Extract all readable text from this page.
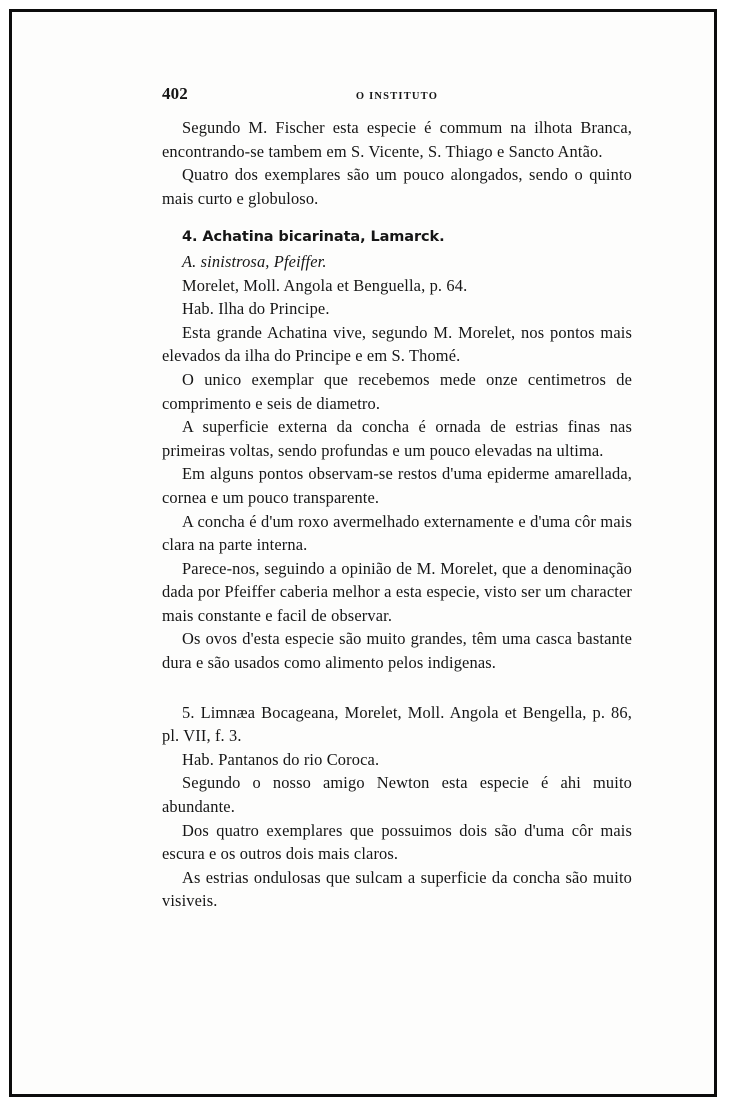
402	O INSTITUTO

Segundo M. Fischer esta especie é commum na ilhota Branca, encontrando-se tambem em S. Vicente, S. Thiago e Sancto Antão.

Quatro dos exemplares são um pouco alongados, sendo o quinto mais curto e globuloso.

4. Achatina bicarinata, Lamarck.

A. sinistrosa, Pfeiffer.

Morelet, Moll. Angola et Benguella, p. 64.

Hab. Ilha do Principe.

Esta grande Achatina vive, segundo M. Morelet, nos pontos mais elevados da ilha do Principe e em S. Thomé.

O unico exemplar que recebemos mede onze centimetros de comprimento e seis de diametro.

A superficie externa da concha é ornada de estrias finas nas primeiras voltas, sendo profundas e um pouco elevadas na ultima.

Em alguns pontos observam-se restos d'uma epiderme amarellada, cornea e um pouco transparente.

A concha é d'um roxo avermelhado externamente e d'uma côr mais clara na parte interna.

Parece-nos, seguindo a opinião de M. Morelet, que a denominação dada por Pfeiffer caberia melhor a esta especie, visto ser um character mais constante e facil de observar.

Os ovos d'esta especie são muito grandes, têm uma casca bastante dura e são usados como alimento pelos indigenas.

5. Limnæa Bocageana, Morelet, Moll. Angola et Bengella, p. 86, pl. VII, f. 3.

Hab. Pantanos do rio Coroca.

Segundo o nosso amigo Newton esta especie é ahi muito abundante.

Dos quatro exemplares que possuimos dois são d'uma côr mais escura e os outros dois mais claros.

As estrias ondulosas que sulcam a superficie da concha são muito visiveis.
